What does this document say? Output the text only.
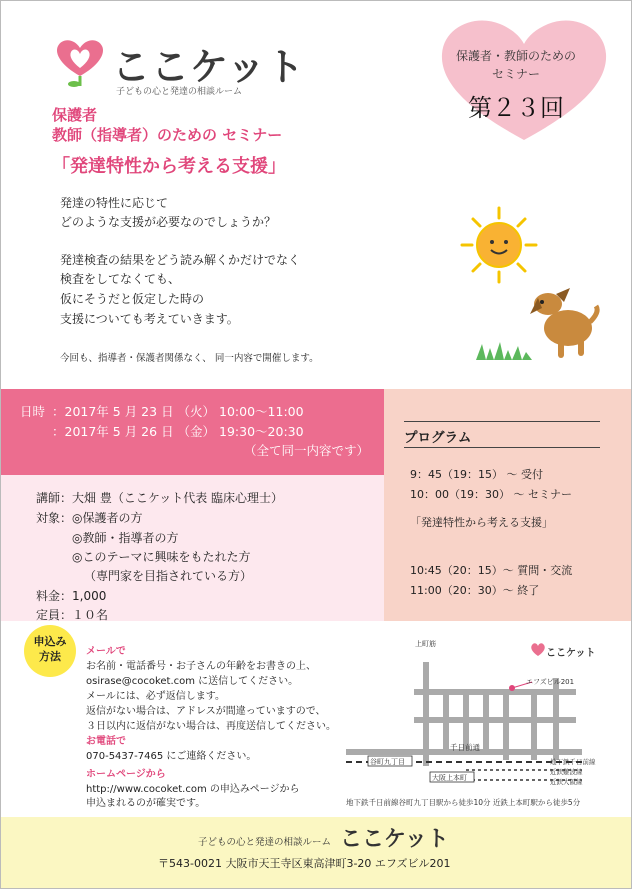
ここケット
子どもの心と発達の相談ルーム
保護者・教師のための
セミナー
第２３回
保護者
教師（指導者）のための セミナー
「発達特性から考える支援」
発達の特性に応じて
どのような支援が必要なのでしょうか？
発達検査の結果をどう読み解くかだけでなく
検査をしてなくても、
仮にそうだと仮定した時の
支援についても考えていきます。
今回も、指導者・保護者関係なく、 同一内容で開催します。
日時 ：2017年 5 月 23 日 （火） 10:00～11:00
：2017年 5 月 26 日 （金） 19:30～20:30
（全て同一内容です）
プログラム
9：45（19：15） ～ 受付
10：00（19：30） ～ セミナー
「発達特性から考える支援」
10:45（20：15）～ 質問・交流
11:00（20：30）～ 終了
講師：大畑 豊（ここケット代表 臨床心理士）
対象： ◎保護者の方
◎教師・指導者の方
◎このテーマに興味をもたれた方
（専門家を目指されている方）
料金：1,000
定員：１０名
申込み
方法	メールで
お名前・電話番号・お子さんの年齢をお書きの上、
osirase@cocoket.com に送信してください。
メールには、必ず返信します。
返信がない場合は、アドレスが間違っていますので、
３日以内に返信がない場合は、再度送信してください。
お電話で
070-5437-7465 にご連絡ください。
ホームページから
http://www.cocoket.com の申込みページから
申込まれるのが確実です。
上町筋
千日前通
谷町九丁目
大阪上本町
地下鉄千日前線
近鉄難波線
近鉄大阪線
エフズビル201
ここケット
地下鉄千日前線谷町九丁目駅から徒歩10分 近鉄上本町駅から徒歩5分
子どもの心と発達の相談ルーム ここケット
〒543-0021 大阪市天王寺区東高津町3-20 エフズビル201
